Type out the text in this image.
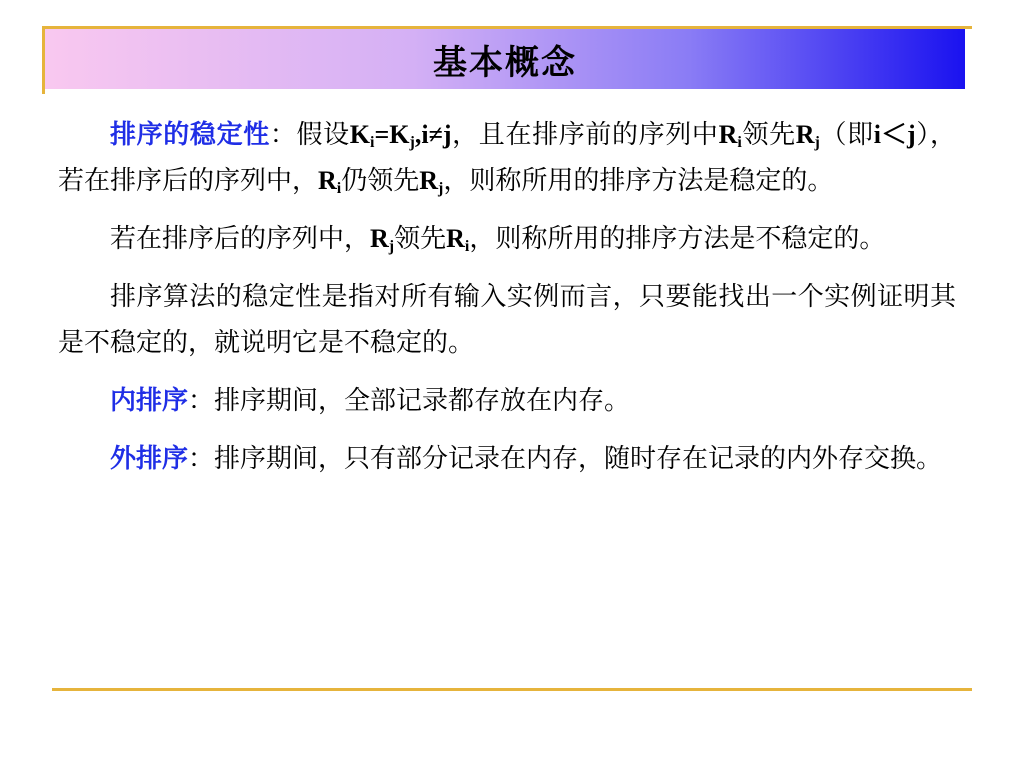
基本概念

排序的稳定性：假设$K_i=K_j,i\ne j$，且在排序前的序列中$R_i$领先$R_j$（即i＜j），若在排序后的序列中，$R_i$仍领先$R_j$，则称所用的排序方法是稳定的。

若在排序后的序列中，$R_j$领先$R_i$，则称所用的排序方法是不稳定的。

排序算法的稳定性是指对所有输入实例而言，只要能找出一个实例证明其是不稳定的，就说明它是不稳定的。

内排序：排序期间，全部记录都存放在内存。

外排序：排序期间，只有部分记录在内存，随时存在记录的内外存交换。
